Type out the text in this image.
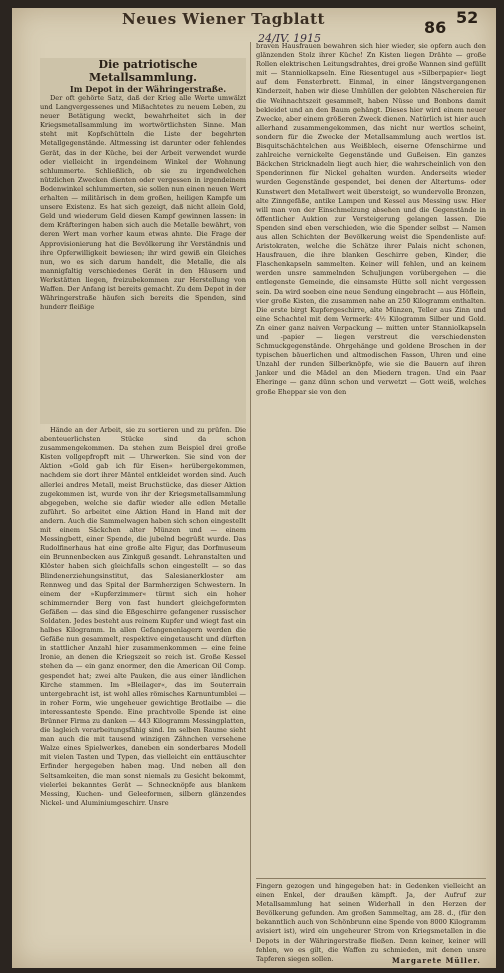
Neues Wiener Tagblatt	86
52
24/IV. 1915

Die patriotische Metallsammlung.

Im Depot in der Währingerstraße.

Der oft gehörte Satz, daß der Krieg alle Werte umwälzt und Langvergessenes und Mißachtetes zu neuem Leben, zu neuer Betätigung weckt, bewahrheitet sich in der Kriegsmetallsammlung im wortwörtlichsten Sinne. Man steht mit Kopfschütteln die Liste der begehrten Metallgegenstände. Altmessing ist darunter oder fehlendes Gerät, das in der Küche, bei der Arbeit verwendet wurde oder vielleicht in irgendeinem Winkel der Wohnung schlummerte. Schließlich, ob sie zu irgendwelchen nützlichen Zwecken dienten oder vergessen in irgendeinem Bodenwinkel schlummerten, sie sollen nun einen neuen Wert erhalten — militärisch in dem großen, heiligen Kampfe um unsere Existenz. Es hat sich gezeigt, daß nicht allein Gold, Geld und wiederum Geld diesen Kampf gewinnen lassen: in dem Kräfteringen haben sich auch die Metalle bewährt, von deren Wert man vorher kaum etwas ahnte. Die Frage der Approvisionierung hat die Bevölkerung ihr Verständnis und ihre Opferwilligkeit bewiesen; ihr wird gewiß ein Gleiches nun, wo es sich darum handelt, die Metalle, die als mannigfaltig verschiedenes Gerät in den Häusern und Werkstätten liegen, freizubekommen zur Herstellung von Waffen. Der Anfang ist bereits gemacht. Zu dem Depot in der Währingerstraße häufen sich bereits die Spenden, sind hunderr fleißige

Hände an der Arbeit, sie zu sortieren und zu prüfen. Die abenteuerlichsten Stücke sind da schon zusammengekommen. Da stehen zum Beispiel drei große Kisten vollgepfropft mit — Uhrwerken. Sie sind von der Aktion »Gold gab ich für Eisen« herübergekommen, nachdem sie dort ihrer Mäntel entkleidet worden sind. Auch allerlei andres Metall, meist Bruchstücke, das dieser Aktion zugekommen ist, wurde von ihr der Kriegsmetallsammlung abgegeben, welche sie dafür wieder alle edlen Metalle zuführt. So arbeitet eine Aktion Hand in Hand mit der andern. Auch die Sammelwagen haben sich schon eingestellt mit einem Säckchen alter Münzen und — einem Messingbett, einer Spende, die jubelnd begrüßt wurde. Das Rudolfinerhaus hat eine große alte Figur, das Dorfmuseum ein Brunnenbecken aus Zinkguß gesandt. Lehranstalten und Klöster haben sich gleichfalls schon eingestellt — so das Blindenerziehungsinstitut, das Salesianerkloster am Rennweg und das Spital der Barmherzigen Schwestern. In einem der »Kupferzimmer« türmt sich ein hoher schimmernder Berg von fast hundert gleichgeformten Gefäßen — das sind die Eßgeschirre gefangener russischer Soldaten. Jedes besteht aus reinem Kupfer und wiegt fast ein halbes Kilogramm. In allen Gefangenenlagern werden die Gefäße nun gesammelt, respektive eingetauscht und dürften in stattlicher Anzahl hier zusammenkommen — eine feine Ironie, an denen die Kriegszeit so reich ist. Große Kessel stehen da — ein ganz enormer, den die American Oil Comp. gespendet hat; zwei alte Pauken, die aus einer ländlichen Kirche stammen. Im »Bleilager«, das im Souterrain untergebracht ist, ist wohl alles römisches Karnuntumblei — in roher Form, wie ungeheuer gewichtige Brotlaibe — die interessanteste Spende. Eine prachtvolle Spende ist eine Brünner Firma zu danken — 443 Kilogramm Messingplatten, die lagleich verarbeitungsfähig sind. Im selben Raume sieht man auch die mit tausend winzigen Zähnchen versehene Walze eines Spielwerkes, daneben ein sonderbares Modell mit vielen Tasten und Typen, das vielleicht ein enttäuschter Erfinder hergegeben haben mag. Und neben all den Seltsamkeiten, die man sonst niemals zu Gesicht bekommt, vielerlei bekanntes Gerät — Schnecknöpfe aus blankem Messing, Kuchen- und Geleeformen, silbern glänzendes Nickel- und Aluminiumgeschirr. Unsre

braven Hausfrauen bewahren sich hier wieder, sie opfern auch den glänzenden Stolz ihrer Küche! Zn Kisten liegen Drähte — große Rollen elektrischen Leitungsdrahtes, drei große Wannen sind gefüllt mit — Stanniolkapseln. Eine Riesentugel aus »Silberpapier« liegt auf dem Fensterbrett. Einmal, in einer längstvergangenen Kinderzeit, haben wir diese Umhüllen der gelobten Näschereien für die Weihnachtszeit gesammelt, haben Nüsse und Bonbons damit bekleidet und an den Baum gehängt. Dieses hier wird einem neuer Zwecke, aber einem größeren Zweck dienen. Natürlich ist hier auch allerhand zusammengekommen, das nicht nur wertlos scheint, sondern für die Zwecke der Metallsammlung auch wertlos ist. Bisquitschächtelchen aus Weißblech, eiserne Ofenschirme und zahlreiche vernickelte Gegenstände und Gußeisen. Ein ganzes Bäckchen Stricknadeln liegt auch hier, die wahrscheinlich von den Spenderinnen für Nickel gehalten wurden. Anderseits wieder wurden Gegenstände gespendet, bei denen der Altertums- oder Kunstwert den Metallwert weit übersteigt, so wundervolle Bronzen, alte Zinngefäße, antike Lampen und Kessel aus Messing usw. Hier will man von der Einschmelzung absehen und die Gegenstände in öffentlicher Auktion zur Versteigerung gelangen lassen. Die Spenden sind eben verschieden, wie die Spender selbst — Namen aus allen Schichten der Bevölkerung weist die Spendenliste auf: Aristokraten, welche die Schätze ihrer Palais nicht schonen, Hausfrauen, die ihre blanken Geschirre geben, Kinder, die Flaschenkapseln sammelten. Keiner will fehlen, und an keinem werden unsre sammelnden Schuljungen vorübergehen — die entlegenste Gemeinde, die einsamste Hütte soll nicht vergessen sein. Da wird soeben eine neue Sendung eingebracht — aus Höflein, vier große Kisten, die zusammen nahe an 250 Kilogramm enthalten. Die erste birgt Kupfergeschirre, alte Münzen, Teller aus Zinn und eine Schachtel mit dem Vermerk: 4½ Kilogramm Silber und Gold. Zn einer ganz naiven Verpackung — mitten unter Stanniolkapseln und -papier — liegen verstreut die verschiedensten Schmuckgegenstände. Ohrgehänge und goldene Broschen in der typischen bäuerlichen und altmodischen Fasson, Uhren und eine Unzahl der runden Silberknöpfe, wie sie die Bauern auf ihren Janker und die Mädel an den Miedern tragen. Und ein Paar Eheringe — ganz dünn schon und verwetzt — Gott weiß, welches große Eheppar sie von den

Fingern gezogen und hingegeben hat: in Gedenken vielleicht an einen Enkel, der draußen kämpft. Ja, der Aufruf zur Metallsammlung hat seinen Widerhall in den Herzen der Bevölkerung gefunden. Am großen Sammeltag, am 28. d., (für den bekanntlich auch von Schönbrunn eine Spende von 8000 Kilogramm avisiert ist), wird ein ungeheurer Strom von Kriegsmetallen in die Depots in der Währingerstraße fließen. Denn keiner, keiner will fehlen, wo es gilt, die Waffen zu schmieden, mit denen unsre Tapferen siegen sollen.	Margarete Müller.
